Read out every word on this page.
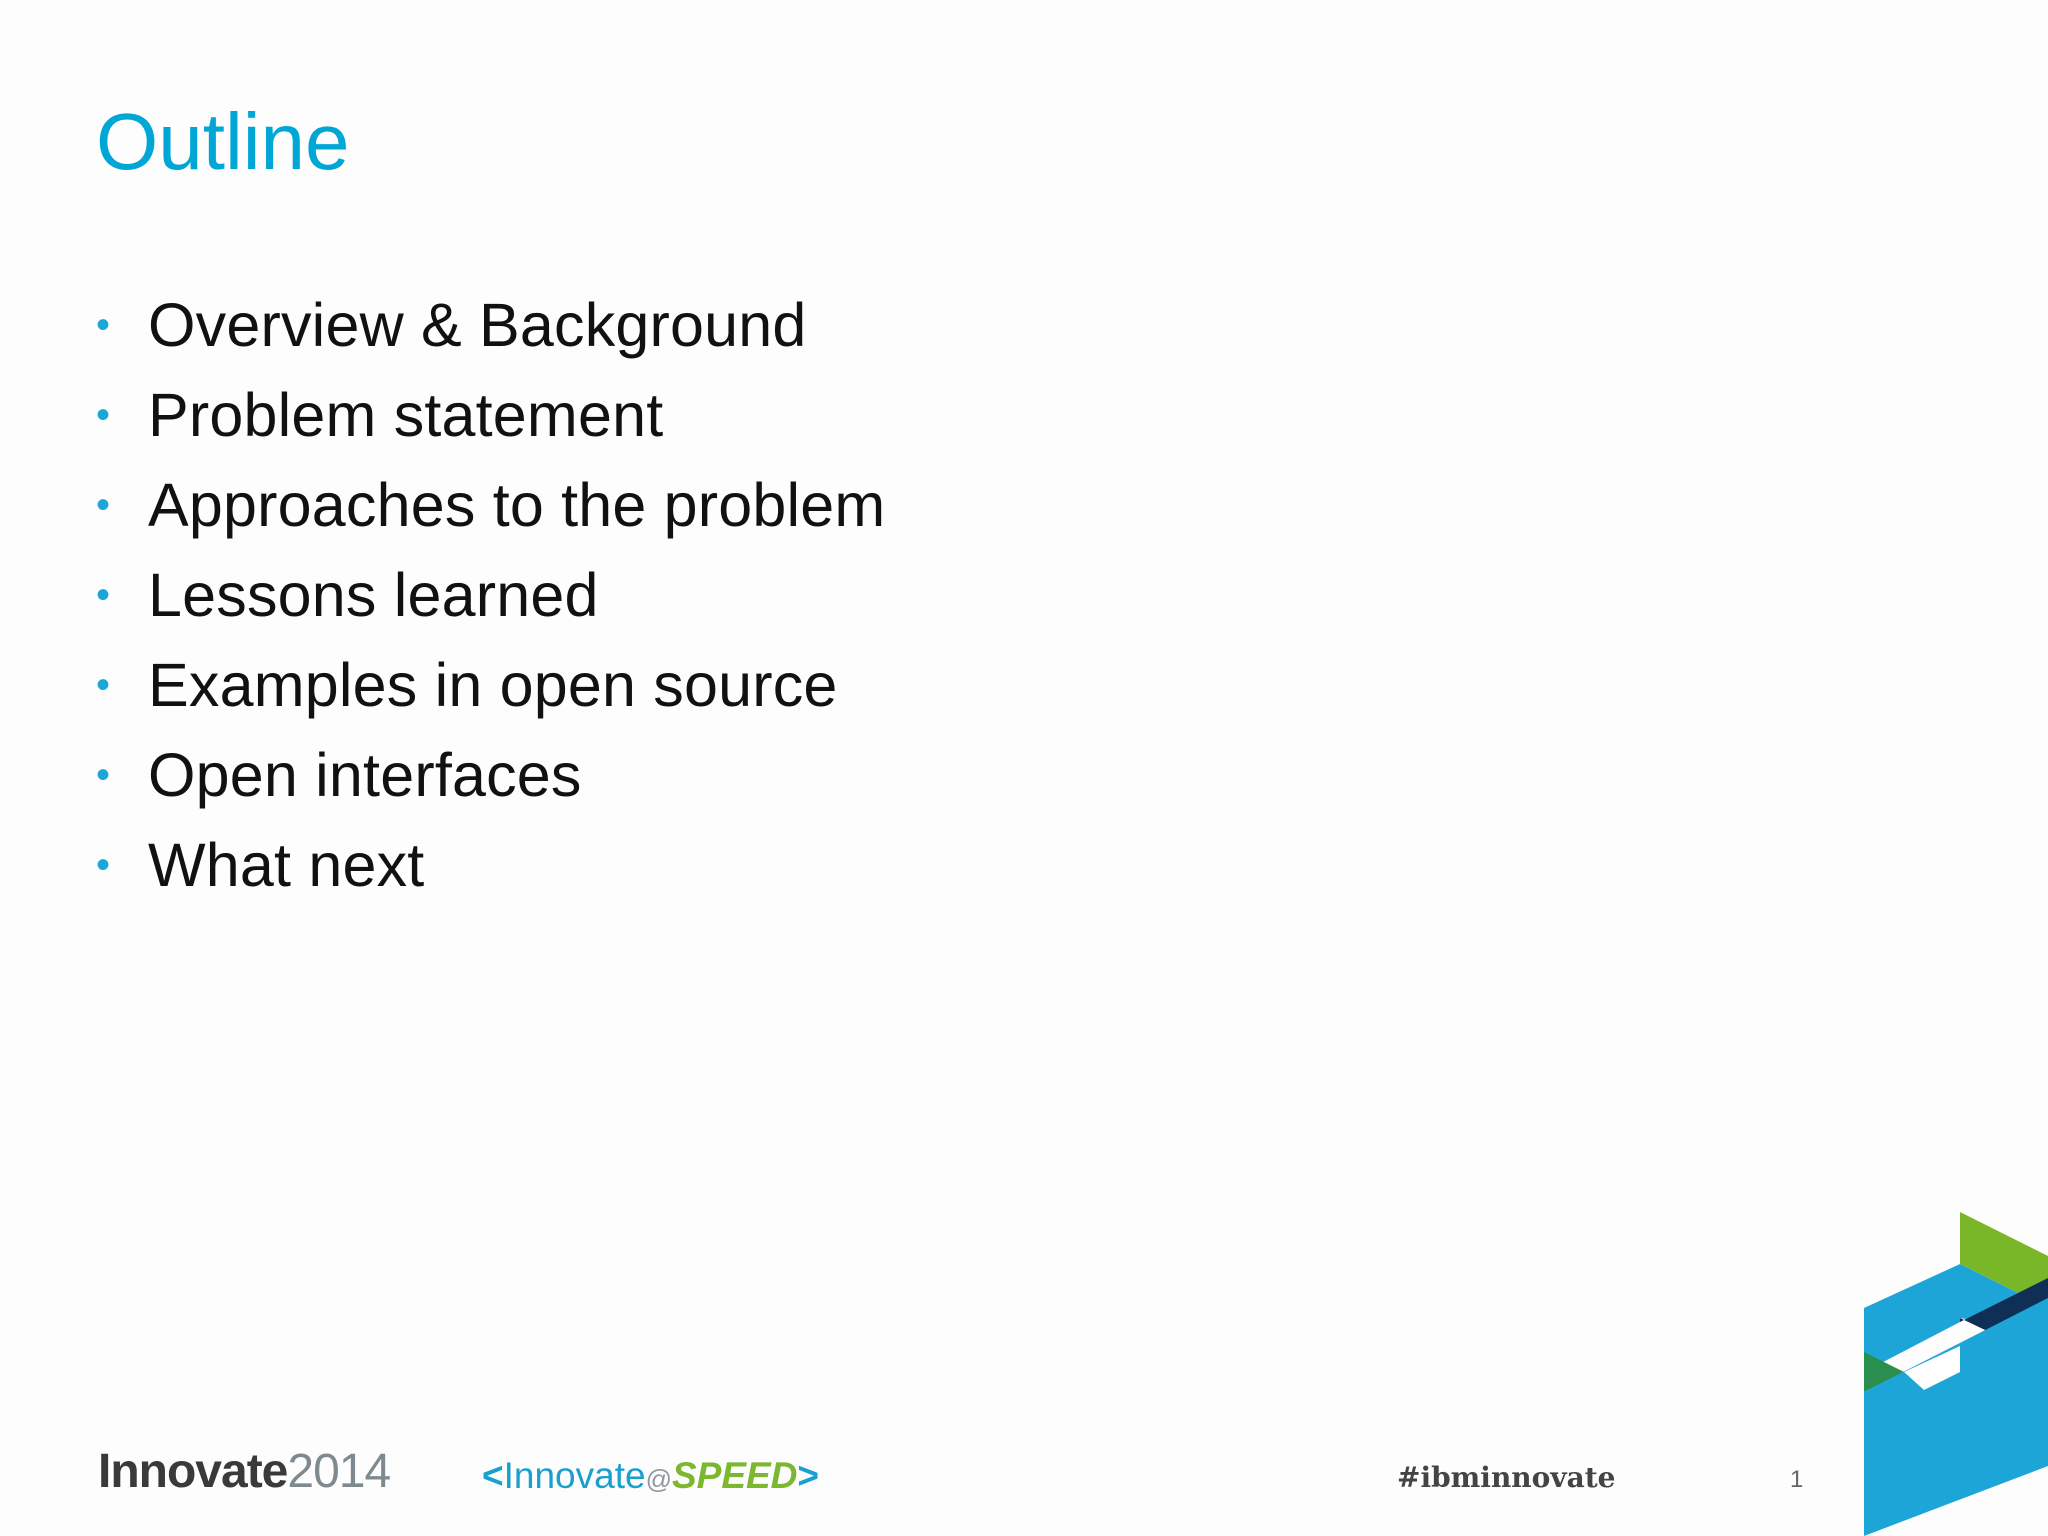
Outline
• Overview & Background
• Problem statement
• Approaches to the problem
• Lessons learned
• Examples in open source
• Open interfaces
• What next
Innovate2014 <Innovate@SPEED>	#ibminnovate	1
